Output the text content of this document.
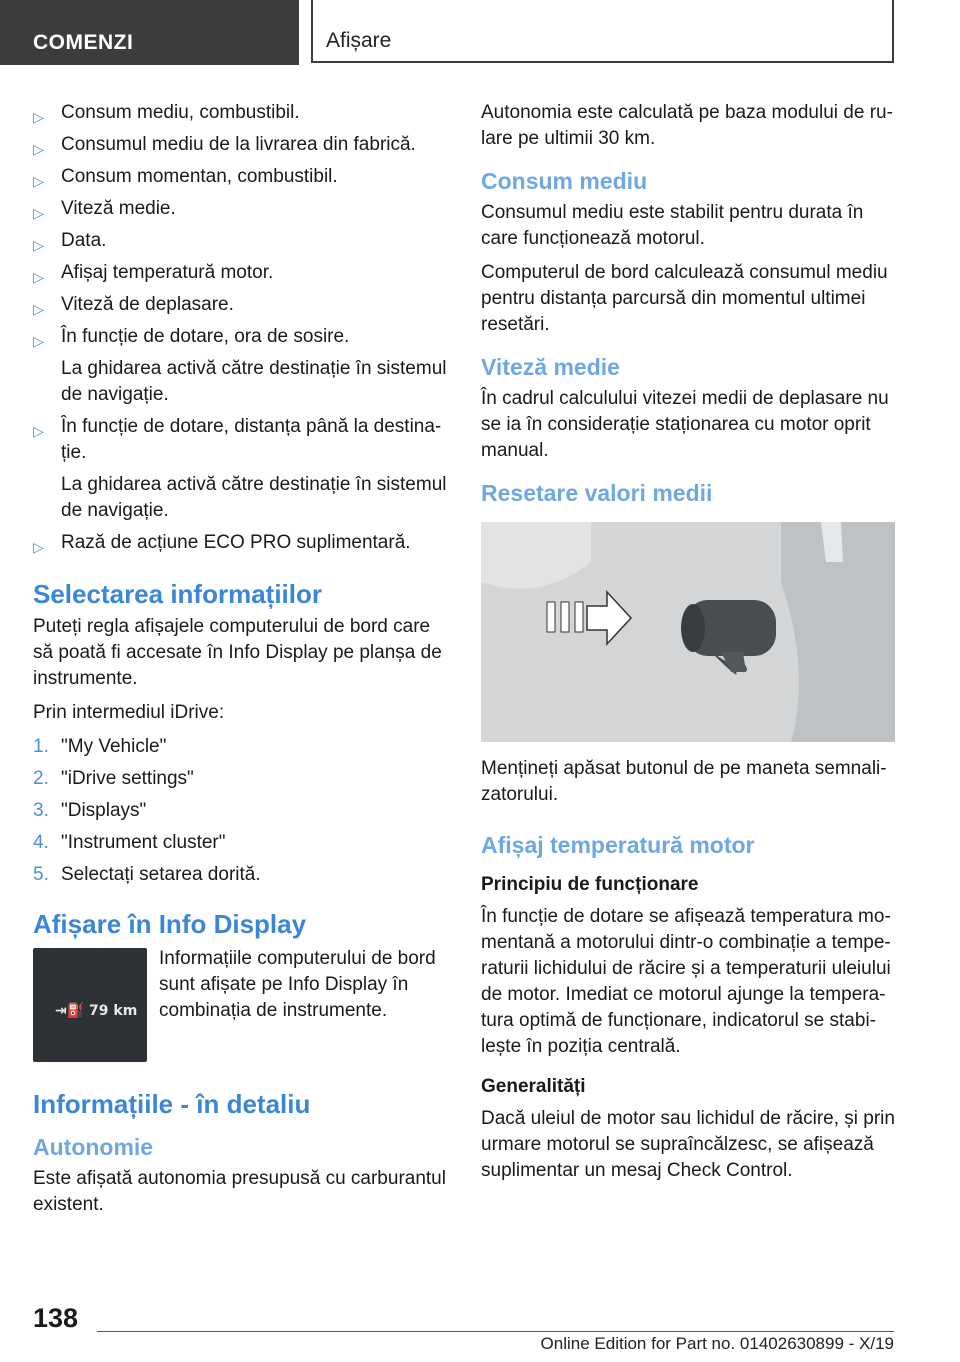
COMENZI	Afișare
▷ Consum mediu, combustibil.
▷ Consumul mediu de la livrarea din fabrică.
▷ Consum momentan, combustibil.
▷ Viteză medie.
▷ Data.
▷ Afișaj temperatură motor.
▷ Viteză de deplasare.
▷ În funcție de dotare, ora de sosire.
La ghidarea activă către destinație în sistemul de navigație.
▷ În funcție de dotare, distanța până la destina-ție.
La ghidarea activă către destinație în sistemul de navigație.
▷ Rază de acțiune ECO PRO suplimentară.
Selectarea informațiilor

Puteți regla afișajele computerului de bord care să poată fi accesate în Info Display pe planșa de instrumente.

Prin intermediul iDrive:

1. "My Vehicle"
2. "iDrive settings"
3. "Displays"
4. "Instrument cluster"
5. Selectați setarea dorită.
Afișare în Info Display
⇥⛽ 79 km
Informațiile computerului de bord sunt afișate pe Info Display în combinația de instrumente.
Informațiile - în detaliu
Autonomie

Este afișată autonomia presupusă cu carburantul existent.

Autonomia este calculată pe baza modului de ru-lare pe ultimii 30 km.

Consum mediu

Consumul mediu este stabilit pentru durata în care funcționează motorul.

Computerul de bord calculează consumul mediu pentru distanța parcursă din momentul ultimei resetări.

Viteză medie

În cadrul calculului vitezei medii de deplasare nu se ia în considerație staționarea cu motor oprit manual.

Resetare valori medii

Mențineți apăsat butonul de pe maneta semnali-zatorului.

Afișaj temperatură motor
Principiu de funcționare

În funcție de dotare se afișează temperatura mo-mentană a motorului dintr-o combinație a tempe-raturii lichidului de răcire și a temperaturii uleiului de motor. Imediat ce motorul ajunge la tempera-tura optimă de funcționare, indicatorul se stabi-lește în poziția centrală.

Generalități

Dacă uleiul de motor sau lichidul de răcire, și prin urmare motorul se supraîncălzesc, se afișează suplimentar un mesaj Check Control.

138
Online Edition for Part no. 01402630899 - X/19
